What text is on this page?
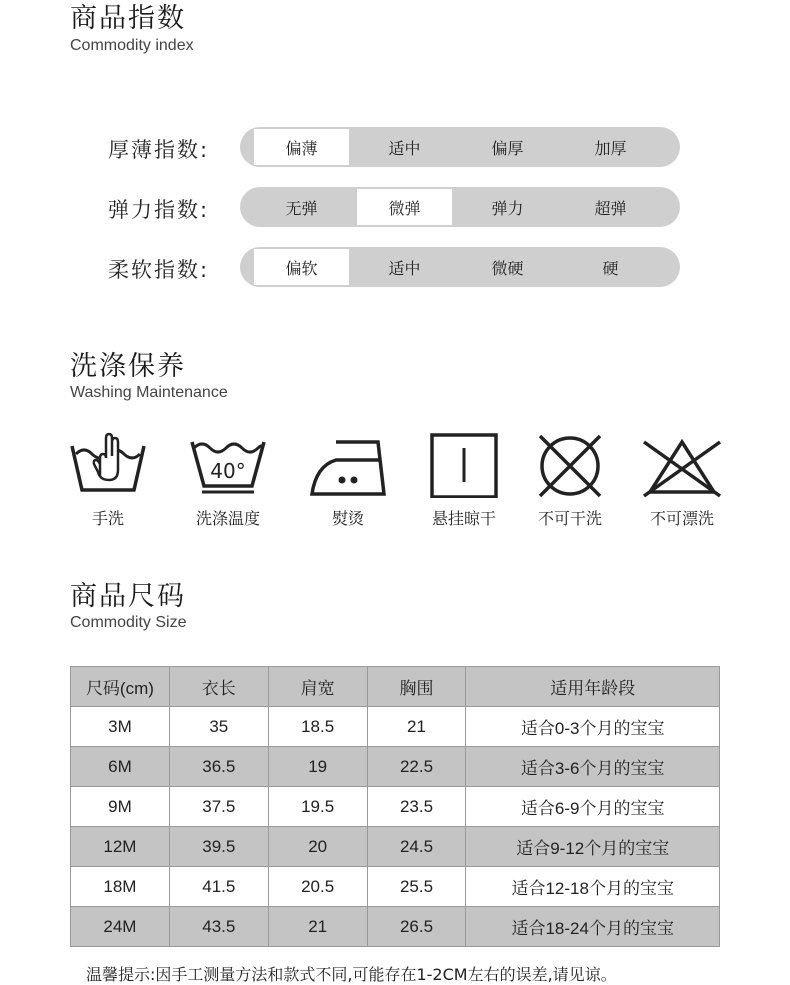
商品指数
Commodity index
厚薄指数:	偏薄	适中	偏厚	加厚
弹力指数:	无弹	微弹	弹力	超弹
柔软指数:	偏软	适中	微硬	硬
洗涤保养
Washing Maintenance
手洗
40°
洗涤温度	熨烫	悬挂晾干	不可干洗	不可漂洗
商品尺码
Commodity Size
尺码(cm)	衣长	肩宽	胸围	适用年龄段
3M	35	18.5	21	适合0-3个月的宝宝
6M	36.5	19	22.5	适合3-6个月的宝宝
9M	37.5	19.5	23.5	适合6-9个月的宝宝
12M	39.5	20	24.5	适合9-12个月的宝宝
18M	41.5	20.5	25.5	适合12-18个月的宝宝
24M	43.5	21	26.5	适合18-24个月的宝宝
温馨提示:因手工测量方法和款式不同,可能存在1-2CM左右的误差,请见谅。
